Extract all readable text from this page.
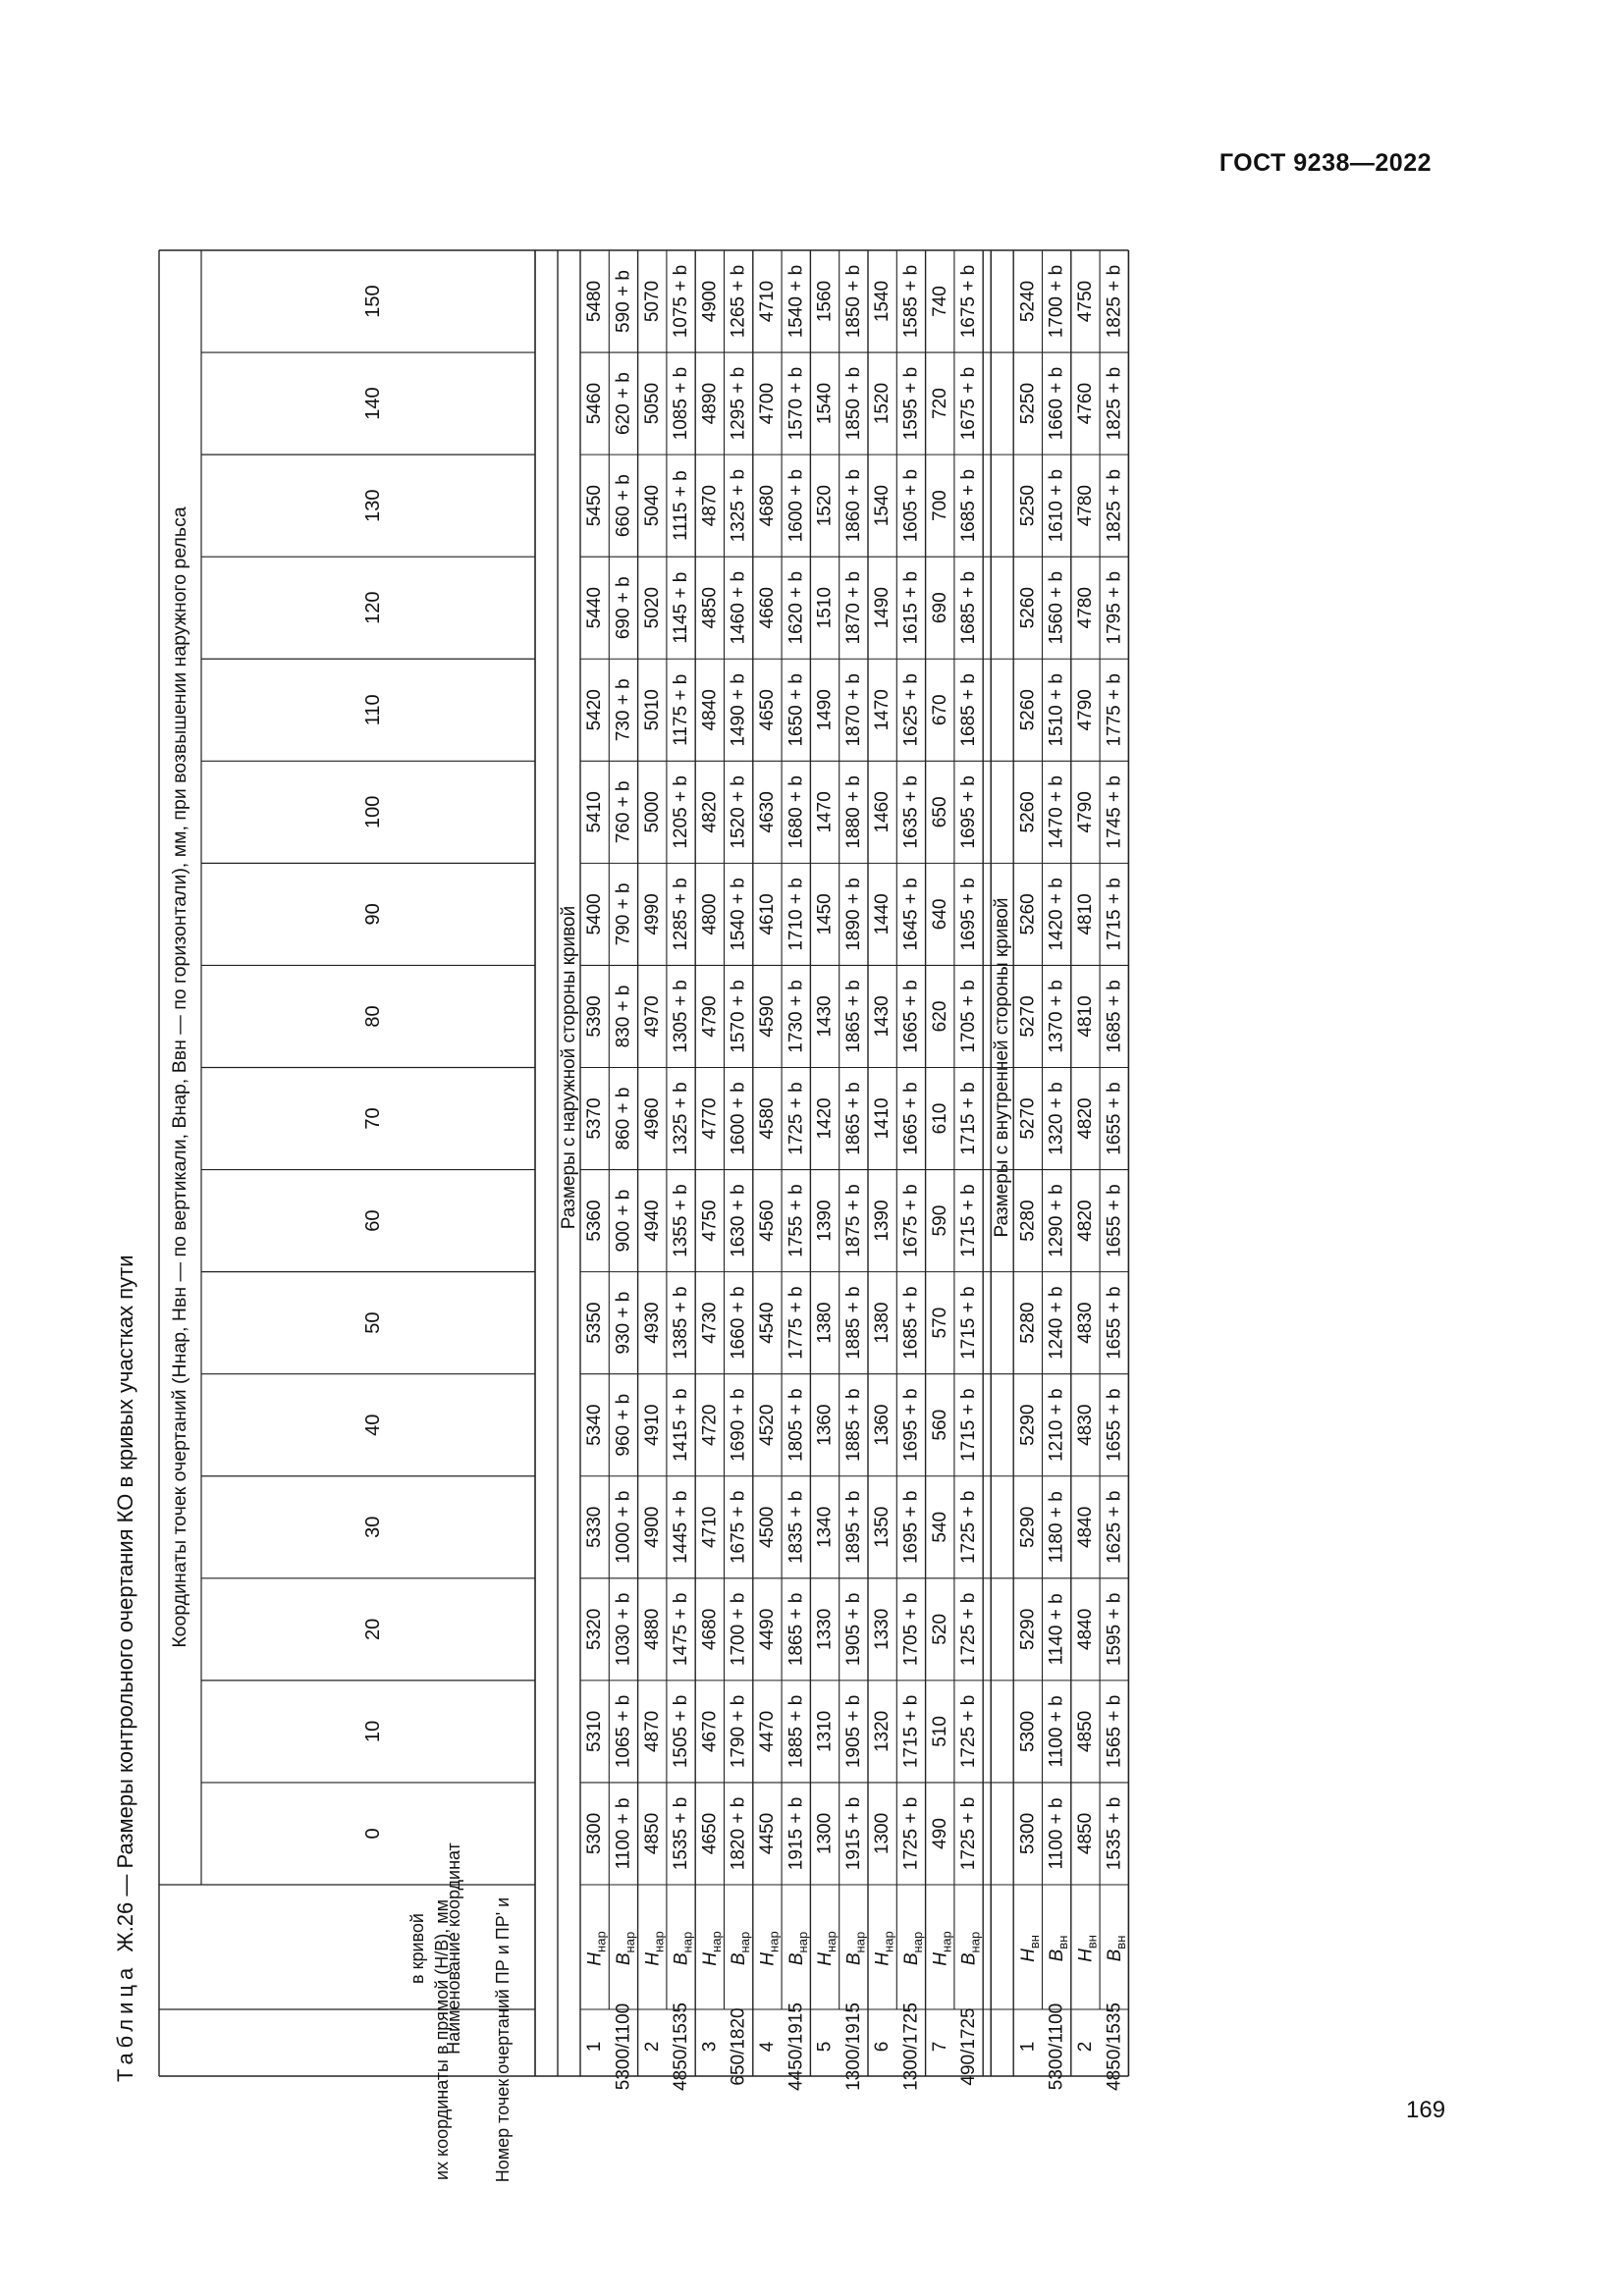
ГОСТ 9238—2022
169
Таблица Ж.26 — Размеры контрольного очертания КО в кривых участках пути Координаты точек очертаний (Hнар, Hвн — по вертикали, Bнар, Bвн — по горизонтали), мм, при возвышении наружного рельса
0
10
20
30
40
50
60
70
80
90
100
110
120
130
140
150
Номер точек очертаний ПР и ПР' и
их координаты в прямой (H/B), мм
Наименование координат
в кривой
Размеры с наружной стороны кривой
1 5300/1100
$H_{нар}$
5300
5310
5320
5330
5340
5350
5360
5370
5390
5400
5410
5420
5440
5450
5460
5480
$B_{нар}$
1100 + b
1065 + b
1030 + b
1000 + b
960 + b
930 + b
900 + b
860 + b
830 + b
790 + b
760 + b
730 + b
690 + b
660 + b
620 + b
590 + b
2 4850/1535
$H_{нар}$
4850
4870
4880
4900
4910
4930
4940
4960
4970
4990
5000
5010
5020
5040
5050
5070
$B_{нар}$
1535 + b
1505 + b
1475 + b
1445 + b
1415 + b
1385 + b
1355 + b
1325 + b
1305 + b
1285 + b
1205 + b
1175 + b
1145 + b
1115 + b
1085 + b
1075 + b
3 650/1820
$H_{нар}$
4650
4670
4680
4710
4720
4730
4750
4770
4790
4800
4820
4840
4850
4870
4890
4900
$B_{нар}$
1820 + b
1790 + b
1700 + b
1675 + b
1690 + b
1660 + b
1630 + b
1600 + b
1570 + b
1540 + b
1520 + b
1490 + b
1460 + b
1325 + b
1295 + b
1265 + b
4 4450/1915
$H_{нар}$
4450
4470
4490
4500
4520
4540
4560
4580
4590
4610
4630
4650
4660
4680
4700
4710
$B_{нар}$
1915 + b
1885 + b
1865 + b
1835 + b
1805 + b
1775 + b
1755 + b
1725 + b
1730 + b
1710 + b
1680 + b
1650 + b
1620 + b
1600 + b
1570 + b
1540 + b
5 1300/1915
$H_{нар}$
1300
1310
1330
1340
1360
1380
1390
1420
1430
1450
1470
1490
1510
1520
1540
1560
$B_{нар}$
1915 + b
1905 + b
1905 + b
1895 + b
1885 + b
1885 + b
1875 + b
1865 + b
1865 + b
1890 + b
1880 + b
1870 + b
1870 + b
1860 + b
1850 + b
1850 + b
6 1300/1725
$H_{нар}$
1300
1320
1330
1350
1360
1380
1390
1410
1430
1440
1460
1470
1490
1540
1520
1540
$B_{нар}$
1725 + b
1715 + b
1705 + b
1695 + b
1695 + b
1685 + b
1675 + b
1665 + b
1665 + b
1645 + b
1635 + b
1625 + b
1615 + b
1605 + b
1595 + b
1585 + b
7 490/1725
$H_{нар}$
490
510
520
540
560
570
590
610
620
640
650
670
690
700
720
740
$B_{нар}$
1725 + b
1725 + b
1725 + b
1725 + b
1715 + b
1715 + b
1715 + b
1715 + b
1705 + b
1695 + b
1695 + b
1685 + b
1685 + b
1685 + b
1675 + b
1675 + b
Размеры с внутренней стороны кривой
1 5300/1100
$H_{вн}$
5300
5300
5290
5290
5290
5280
5280
5270
5270
5260
5260
5260
5260
5250
5250
5240
$B_{вн}$
1100 + b
1100 + b
1140 + b
1180 + b
1210 + b
1240 + b
1290 + b
1320 + b
1370 + b
1420 + b
1470 + b
1510 + b
1560 + b
1610 + b
1660 + b
1700 + b
2 4850/1535
$H_{вн}$
4850
4850
4840
4840
4830
4830
4820
4820
4810
4810
4790
4790
4780
4780
4760
4750
$B_{вн}$
1535 + b
1565 + b
1595 + b
1625 + b
1655 + b
1655 + b
1655 + b
1655 + b
1685 + b
1715 + b
1745 + b
1775 + b
1795 + b
1825 + b
1825 + b
1825 + b
